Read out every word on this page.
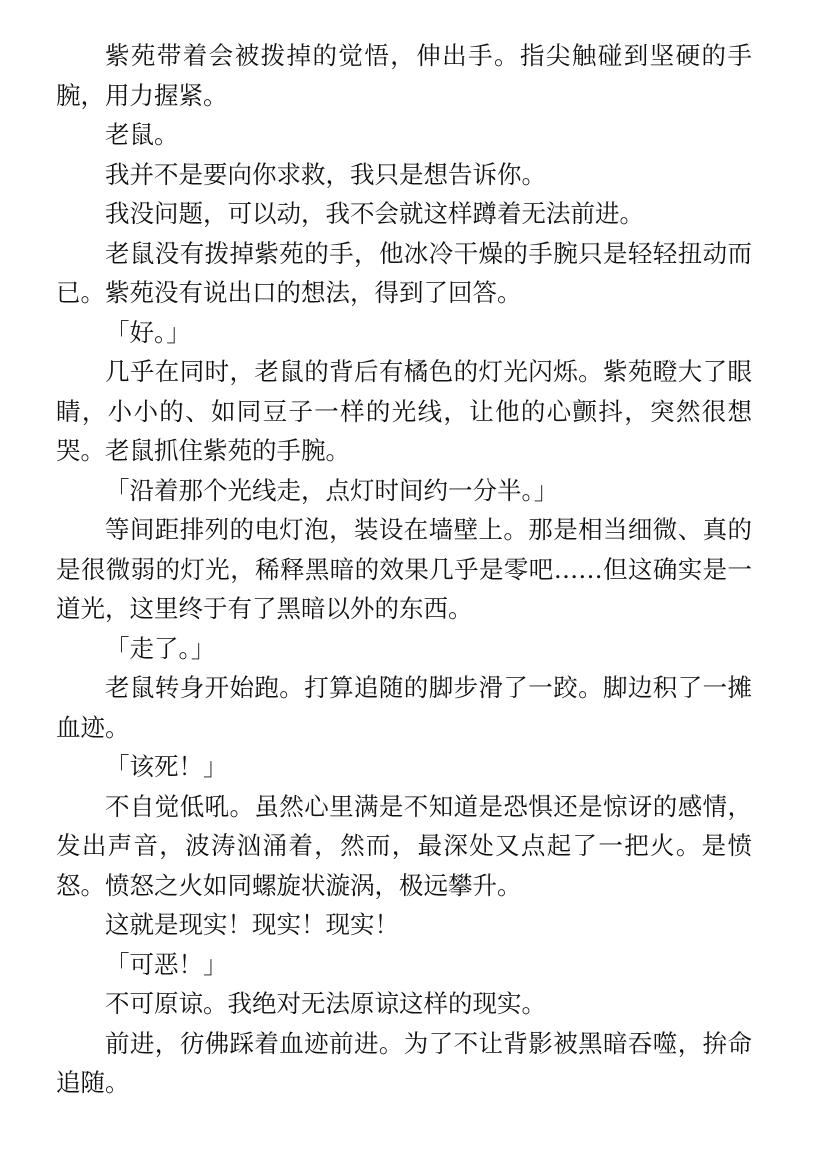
紫苑带着会被拨掉的觉悟，伸出手。指尖触碰到坚硬的手腕，用力握紧。

老鼠。

我并不是要向你求救，我只是想告诉你。

我没问题，可以动，我不会就这样蹲着无法前进。

老鼠没有拨掉紫苑的手，他冰冷干燥的手腕只是轻轻扭动而已。紫苑没有说出口的想法，得到了回答。

「好。」

几乎在同时，老鼠的背后有橘色的灯光闪烁。紫苑瞪大了眼睛，小小的、如同豆子一样的光线，让他的心颤抖，突然很想哭。老鼠抓住紫苑的手腕。

「沿着那个光线走，点灯时间约一分半。」

等间距排列的电灯泡，装设在墙壁上。那是相当细微、真的是很微弱的灯光，稀释黑暗的效果几乎是零吧……但这确实是一道光，这里终于有了黑暗以外的东西。

「走了。」

老鼠转身开始跑。打算追随的脚步滑了一跤。脚边积了一摊血迹。

「该死！」

不自觉低吼。虽然心里满是不知道是恐惧还是惊讶的感情，发出声音，波涛汹涌着，然而，最深处又点起了一把火。是愤怒。愤怒之火如同螺旋状漩涡，极远攀升。

这就是现实！现实！现实！

「可恶！」

不可原谅。我绝对无法原谅这样的现实。

前进，彷佛踩着血迹前进。为了不让背影被黑暗吞噬，拚命追随。
